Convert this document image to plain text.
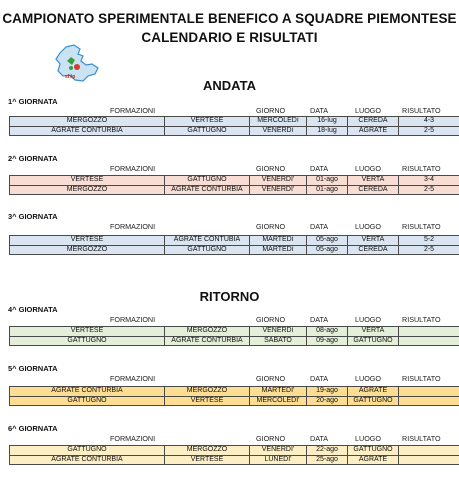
CAMPIONATO SPERIMENTALE BENEFICO A SQUADRE PIEMONTESE
CALENDARIO E RISULTATI
ship
ANDATA
RITORNO
1^ GIORNATA
FORMAZIONI	GIORNO	DATA	LUOGO	RISULTATO
MERGOZZO	VERTESE	MERCOLEDì	16-lug	CEREDA	4-3
AGRATE CONTURBIA	GATTUGNO	VENERDì	18-lug	AGRATE	2-5
2^ GIORNATA
FORMAZIONI	GIORNO	DATA	LUOGO	RISULTATO
VERTESE	GATTUGNO	VENERDI'	01-ago	VERTA	3-4
MERGOZZO	AGRATE CONTURBIA	VENERDI'	01-ago	CEREDA	2-5
3^ GIORNATA
FORMAZIONI	GIORNO	DATA	LUOGO	RISULTATO
VERTESE	AGRATE CONTUBIA	MARTEDì	05-ago	VERTA	5-2
MERGOZZO	GATTUGNO	MARTEDì	05-ago	CEREDA	2-5
4^ GIORNATA
FORMAZIONI	GIORNO	DATA	LUOGO	RISULTATO
VERTESE	MERGOZZO	VENERDì	08-ago	VERTA	
GATTUGNO	AGRATE CONTURBIA	SABATO	09-ago	GATTUGNO	
5^ GIORNATA
FORMAZIONI	GIORNO	DATA	LUOGO	RISULTATO
AGRATE CONTURBIA	MERGOZZO	MARTEDI'	19-ago	AGRATE	
GATTUGNO	VERTESE	MERCOLEDI'	20-ago	GATTUGNO	
6^ GIORNATA
FORMAZIONI	GIORNO	DATA	LUOGO	RISULTATO
GATTUGNO	MERGOZZO	VENERDI'	22-ago	GATTUGNO	
AGRATE CONTURBIA	VERTESE	LUNEDI'	25-ago	AGRATE	
